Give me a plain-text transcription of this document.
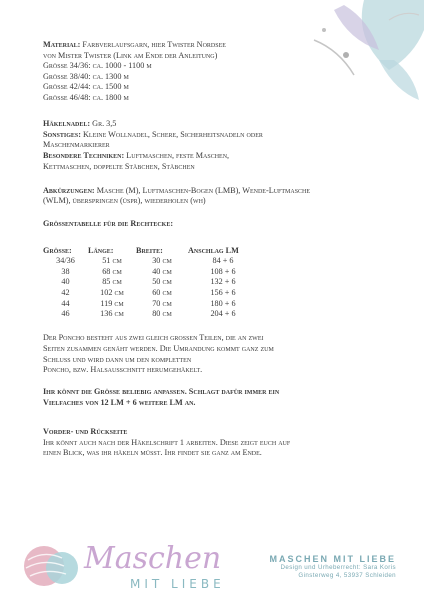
Material: Farbverlaufsgarn, hier Twister Nordsee
von Mister Twister (Link am Ende der Anleitung)
Grösse 34/36: ca. 1000 - 1100 m
Grösse 38/40: ca. 1300 m
Grösse 42/44: ca. 1500 m
Grösse 46/48: ca. 1800 m
Häkelnadel: Gr. 3,5
Sonstiges: Kleine Wollnadel, Schere, Sicherheitsnadeln oder
Maschenmarkierer
Besondere Techniken: Luftmaschen, feste Maschen,
Kettmaschen, doppelte Stäbchen, Stäbchen
Abkürzungen: Masche (M), Luftmaschen-Bogen (LMB), Wende-Luftmasche
(WLM), überspringen (üspr), wiederholen (wh)
Grössentabelle für die Rechtecke:
Grösse:	Länge:	Breite:	Anschlag LM
34/36	51 cm	30 cm	84 + 6
38	68 cm	40 cm	108 + 6
40	85 cm	50 cm	132 + 6
42	102 cm	60 cm	156 + 6
44	119 cm	70 cm	180 + 6
46	136 cm	80 cm	204 + 6
Der Poncho besteht aus zwei gleich grossen Teilen, die an zwei
Seiten zusammen genäht werden. Die Umrandung kommt ganz zum
Schluss und wird dann um den kompletten
Poncho, bzw. Halsausschnitt herumgehäkelt.
Ihr könnt die Grösse beliebig anpassen. Schlagt dafür immer ein
Vielfaches von 12 LM + 6 weitere LM an.
Vorder- und Rückseite
Ihr könnt auch nach der Häkelschrift 1 arbeiten. Diese zeigt euch auf
einen Blick, was ihr häkeln müsst. Ihr findet sie ganz am Ende.
Maschen
MIT LIEBE
MASCHEN MIT LIEBE
Design und Urheberrecht: Sara Koris
Ginsterweg 4, 53937 Schleiden
